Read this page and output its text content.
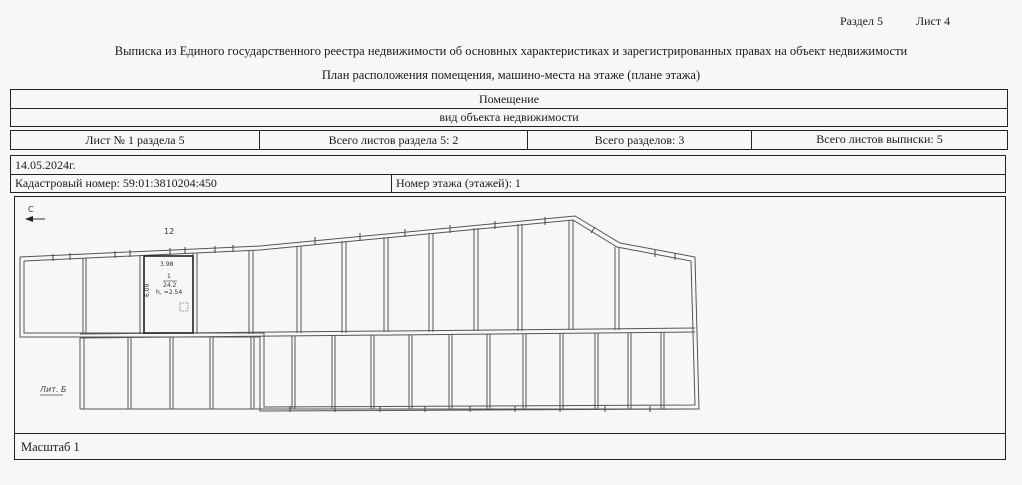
Раздел 5	Лист 4
Выписка из Единого государственного реестра недвижимости об основных характеристиках и зарегистрированных правах на объект недвижимости
План расположения помещения, машино-места на этаже (плане этажа)
Помещение
вид объекта недвижимости
Лист № 1 раздела 5	Всего листов раздела 5: 2	Всего разделов: 3	Всего листов выписки: 5
14.05.2024г.
Кадастровый номер: 59:01:3810204:450	Номер этажа (этажей): 1
С
12
3.98
1
24.2
h꜀ =2.54
6.09
Лит. Б
Масштаб 1
